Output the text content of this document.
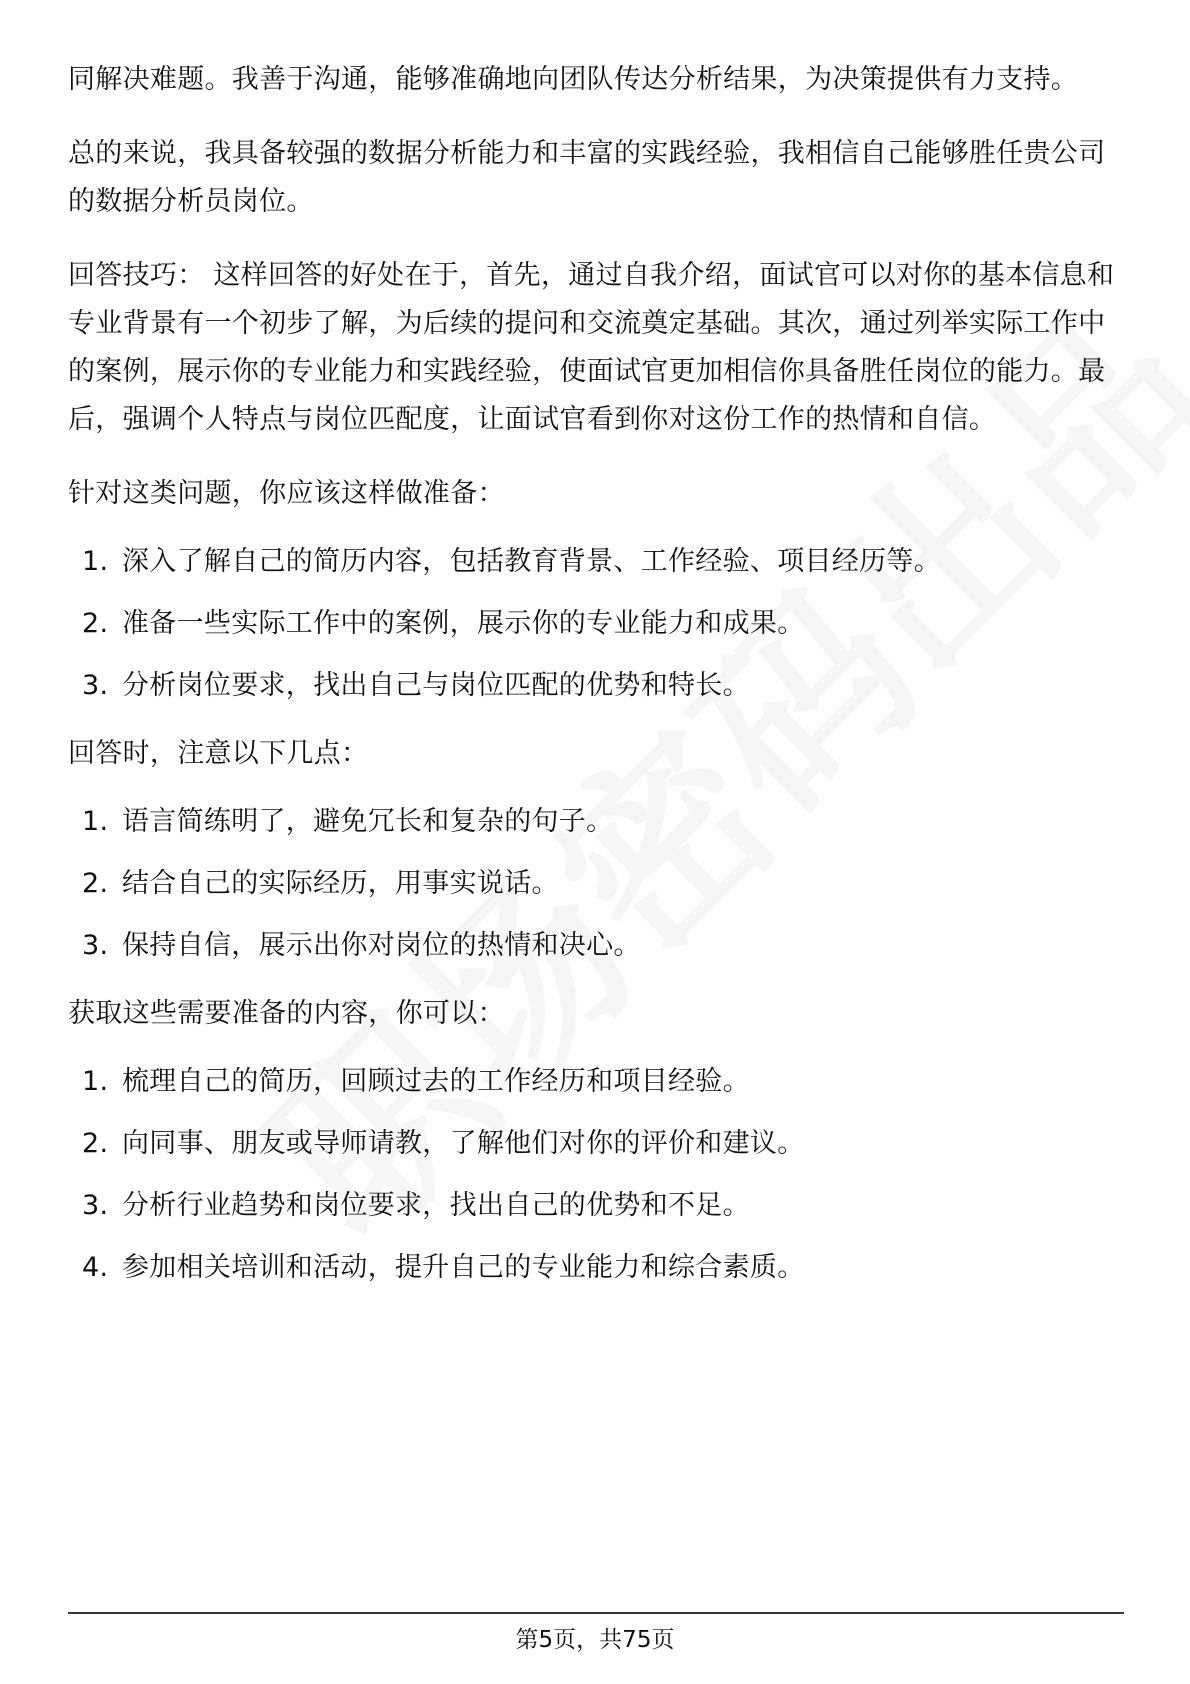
同解决难题。我善于沟通，能够准确地向团队传达分析结果，为决策提供有力支持。

总的来说，我具备较强的数据分析能力和丰富的实践经验，我相信自己能够胜任贵公司的数据分析员岗位。

回答技巧： 这样回答的好处在于，首先，通过自我介绍，面试官可以对你的基本信息和专业背景有一个初步了解，为后续的提问和交流奠定基础。其次，通过列举实际工作中的案例，展示你的专业能力和实践经验，使面试官更加相信你具备胜任岗位的能力。最后，强调个人特点与岗位匹配度，让面试官看到你对这份工作的热情和自信。

针对这类问题，你应该这样做准备：

1. 深入了解自己的简历内容，包括教育背景、工作经验、项目经历等。
2. 准备一些实际工作中的案例，展示你的专业能力和成果。
3. 分析岗位要求，找出自己与岗位匹配的优势和特长。

回答时，注意以下几点：

1. 语言简练明了，避免冗长和复杂的句子。
2. 结合自己的实际经历，用事实说话。
3. 保持自信，展示出你对岗位的热情和决心。

获取这些需要准备的内容，你可以：

1. 梳理自己的简历，回顾过去的工作经历和项目经验。
2. 向同事、朋友或导师请教，了解他们对你的评价和建议。
3. 分析行业趋势和岗位要求，找出自己的优势和不足。
4. 参加相关培训和活动，提升自己的专业能力和综合素质。
第5页，共75页
